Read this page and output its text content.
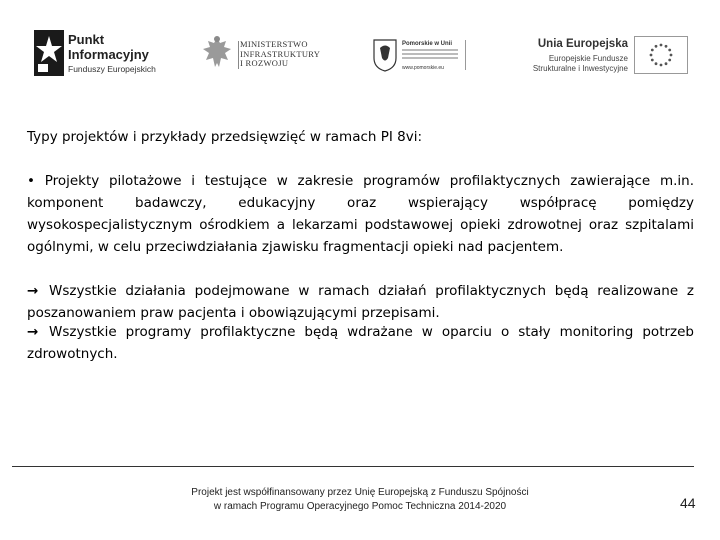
Punkt
Informacyjny
Funduszy Europejskich
MINISTERSTWO
INFRASTRUKTURY
I ROZWOJU
Pomorskie w Unii
www.pomorskie.eu
Unia Europejska
Europejskie Fundusze
Strukturalne i Inwestycyjne
Typy projektów i przykłady przedsięwzięć w ramach PI 8vi:
• Projekty pilotażowe i testujące w zakresie programów profilaktycznych zawierające m.in. komponent badawczy, edukacyjny oraz wspierający współpracę pomiędzy wysokospecjalistycznym ośrodkiem a lekarzami podstawowej opieki zdrowotnej oraz szpitalami ogólnymi, w celu przeciwdziałania zjawisku fragmentacji opieki nad pacjentem.
→ Wszystkie działania podejmowane w ramach działań profilaktycznych będą realizowane z poszanowaniem praw pacjenta i obowiązującymi przepisami.
→ Wszystkie programy profilaktyczne będą wdrażane w oparciu o stały monitoring potrzeb zdrowotnych.
Projekt jest współfinansowany przez Unię Europejską z Funduszu Spójności
w ramach Programu Operacyjnego Pomoc Techniczna 2014-2020	44
